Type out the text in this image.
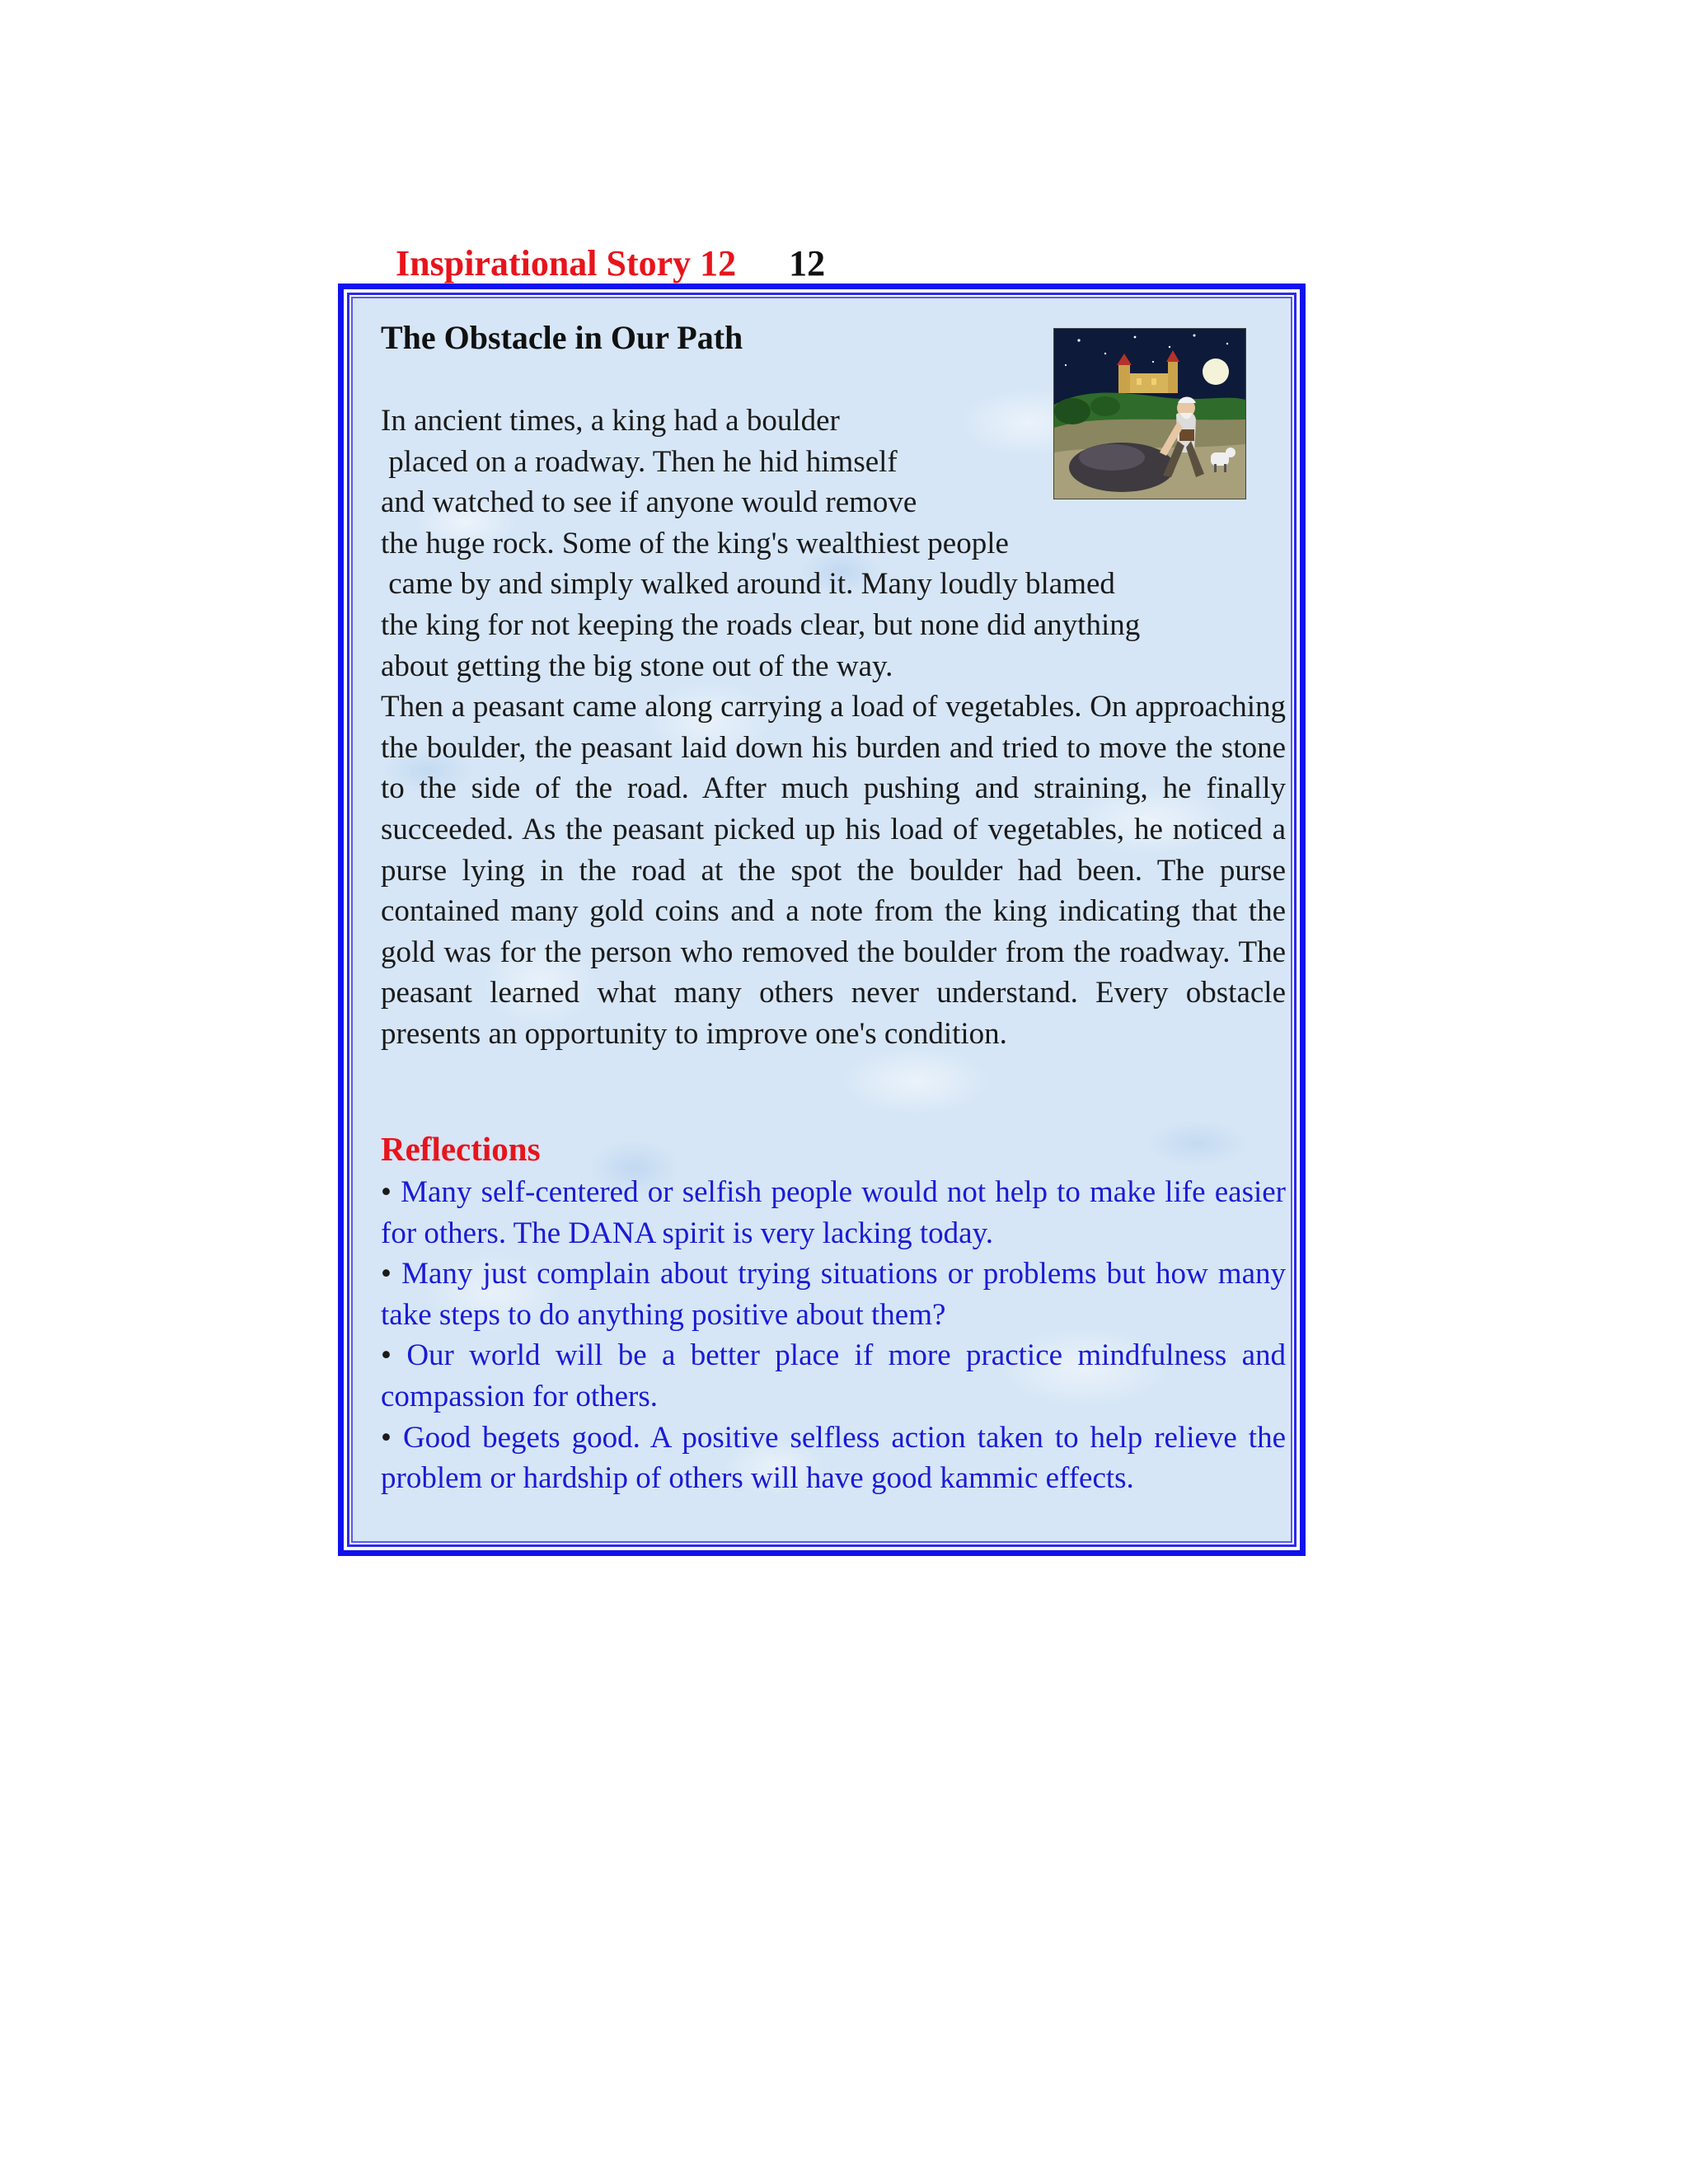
Inspirational Story 12 12
The Obstacle in Our Path
In ancient times, a king had a boulder
placed on a roadway. Then he hid himself
and watched to see if anyone would remove
the huge rock. Some of the king's wealthiest people
came by and simply walked around it. Many loudly blamed
the king for not keeping the roads clear, but none did anything
about getting the big stone out of the way.
Then a peasant came along carrying a load of vegetables. On approaching the boulder, the peasant laid down his burden and tried to move the stone to the side of the road. After much pushing and straining, he finally succeeded. As the peasant picked up his load of vegetables, he noticed a purse lying in the road at the spot the boulder had been. The purse contained many gold coins and a note from the king indicating that the gold was for the person who removed the boulder from the roadway. The peasant learned what many others never understand. Every obstacle presents an opportunity to improve one's condition.
Reflections
• Many self-centered or selfish people would not help to make life easier for others. The DANA spirit is very lacking today.
• Many just complain about trying situations or problems but how many take steps to do anything positive about them?
• Our world will be a better place if more practice mindfulness and compassion for others.
• Good begets good. A positive selfless action taken to help relieve the problem or hardship of others will have good kammic effects.
